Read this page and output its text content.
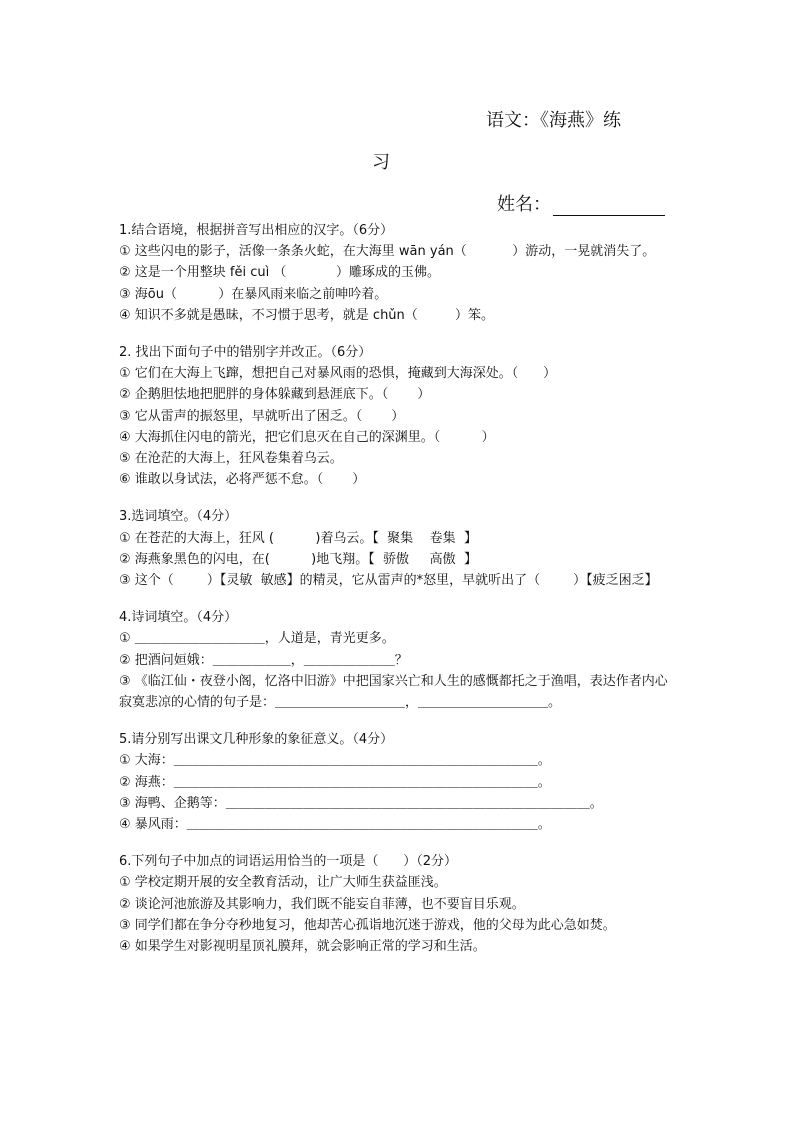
语文：《海燕》练
习
姓名：
1.结合语境，根据拼音写出相应的汉字。（6分）
① 这些闪电的影子，活像一条条火蛇，在大海里 wān yán（           ）游动，一晃就消失了。
② 这是一个用整块 fěi cuì （            ）雕琢成的玉佛。
③ 海ōu（          ）在暴风雨来临之前呻吟着。
④ 知识不多就是愚昧，不习惯于思考，就是 chǔn（         ）笨。
2. 找出下面句子中的错别字并改正。（6分）
① 它们在大海上飞蹿，想把自己对暴风雨的恐惧，掩藏到大海深处。（      ）
② 企鹅胆怯地把肥胖的身体躲藏到悬涯底下。（       ）
③ 它从雷声的振怒里，早就听出了困乏。（       ）
④ 大海抓住闪电的箭光，把它们息灭在自己的深渊里。（          ）
⑤ 在沧茫的大海上，狂风卷集着乌云。
⑥ 谁敢以身试法，必将严惩不怠。（       ）
3.选词填空。（4分）
① 在苍茫的大海上，狂风 (          )着乌云。【  聚集    卷集  】
② 海燕象黑色的闪电，在(          )地飞翔。【  骄傲     高傲  】
③ 这个（        ）【灵敏  敏感】的精灵，它从雷声的*怒里，早就听出了（        ）【疲乏困乏】
4.诗词填空。（4分）
① ＿＿＿＿＿＿＿＿＿＿，人道是，青光更多。
② 把酒问姮娥：＿＿＿＿＿＿，＿＿＿＿＿＿＿？
③ 《临江仙・夜登小阁，忆洛中旧游》中把国家兴亡和人生的感慨都托之于渔唱，表达作者内心寂寞悲凉的心情的句子是：＿＿＿＿＿＿＿＿＿＿，＿＿＿＿＿＿＿＿＿＿。
5.请分别写出课文几种形象的象征意义。（4分）
① 大海：＿＿＿＿＿＿＿＿＿＿＿＿＿＿＿＿＿＿＿＿＿＿＿＿＿＿＿＿。
② 海燕：＿＿＿＿＿＿＿＿＿＿＿＿＿＿＿＿＿＿＿＿＿＿＿＿＿＿＿＿。
③ 海鸭、企鹅等：＿＿＿＿＿＿＿＿＿＿＿＿＿＿＿＿＿＿＿＿＿＿＿＿＿＿＿＿。
④ 暴风雨：＿＿＿＿＿＿＿＿＿＿＿＿＿＿＿＿＿＿＿＿＿＿＿＿＿＿＿。
6.下列句子中加点的词语运用恰当的一项是（      ）（2分）
① 学校定期开展的安全教育活动，让广大师生获益匪浅。
② 谈论河池旅游及其影响力，我们既不能妄自菲薄，也不要盲目乐观。
③ 同学们都在争分夺秒地复习，他却苦心孤诣地沉迷于游戏，他的父母为此心急如焚。
④ 如果学生对影视明星顶礼膜拜，就会影响正常的学习和生活。
